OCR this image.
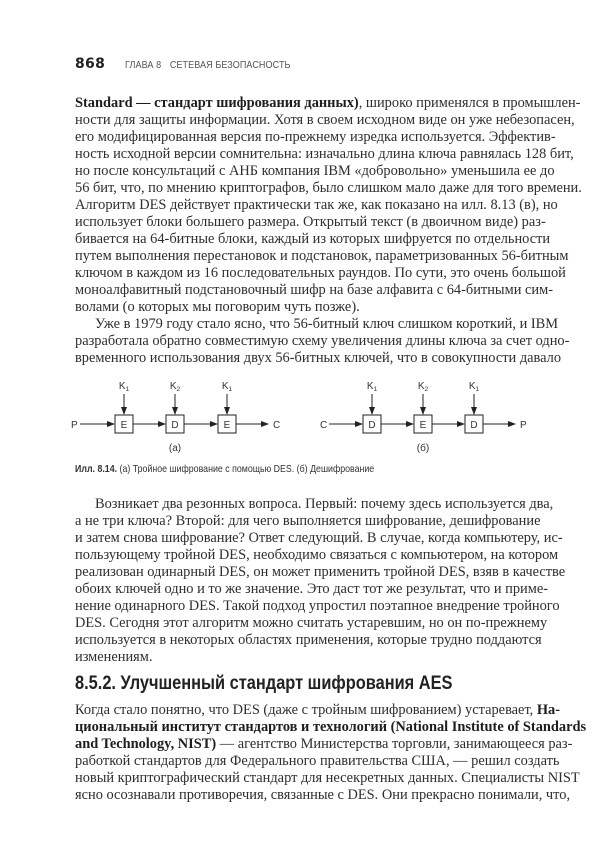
868 ГЛАВА 8 СЕТЕВАЯ БЕЗОПАСНОСТЬ
Standard — стандарт шифрования данных), широко применялся в промышлен-
ности для защиты информации. Хотя в своем исходном виде он уже небезопасен,
его модифицированная версия по-прежнему изредка используется. Эффектив-
ность исходной версии сомнительна: изначально длина ключа равнялась 128 бит,
но после консультаций с АНБ компания IBM «добровольно» уменьшила ее до
56 бит, что, по мнению криптографов, было слишком мало даже для того времени.
Алгоритм DES действует практически так же, как показано на илл. 8.13 (в), но
использует блоки большего размера. Открытый текст (в двоичном виде) раз-
бивается на 64-битные блоки, каждый из которых шифруется по отдельности
путем выполнения перестановок и подстановок, параметризованных 56-битным
ключом в каждом из 16 последовательных раундов. По сути, это очень большой
моноалфавитный подстановочный шифр на базе алфавита с 64-битными сим-
волами (о которых мы поговорим чуть позже).
Уже в 1979 году стало ясно, что 56-битный ключ слишком короткий, и IBM
разработала обратно совместимую схему увеличения длины ключа за счет одно-
временного использования двух 56-битных ключей, что в совокупности давало
P	E	D	E	C
$K_1$	$K_2$	$K_1$
(а)
C	D	E	D	P
$K_1$	$K_2$	$K_1$
(б)
Илл. 8.14. (а) Тройное шифрование с помощью DES. (б) Дешифрование
Возникает два резонных вопроса. Первый: почему здесь используется два,
а не три ключа? Второй: для чего выполняется шифрование, дешифрование
и затем снова шифрование? Ответ следующий. В случае, когда компьютеру, ис-
пользующему тройной DES, необходимо связаться с компьютером, на котором
реализован одинарный DES, он может применить тройной DES, взяв в качестве
обоих ключей одно и то же значение. Это даст тот же результат, что и приме-
нение одинарного DES. Такой подход упростил поэтапное внедрение тройного
DES. Сегодня этот алгоритм можно считать устаревшим, но он по-прежнему
используется в некоторых областях применения, которые трудно поддаются
изменениям.
8.5.2. Улучшенный стандарт шифрования AES
Когда стало понятно, что DES (даже с тройным шифрованием) устаревает, На-
циональный институт стандартов и технологий (National Institute of Standards
and Technology, NIST) — агентство Министерства торговли, занимающееся раз-
работкой стандартов для Федерального правительства США, — решил создать
новый криптографический стандарт для несекретных данных. Специалисты NIST
ясно осознавали противоречия, связанные с DES. Они прекрасно понимали, что,
